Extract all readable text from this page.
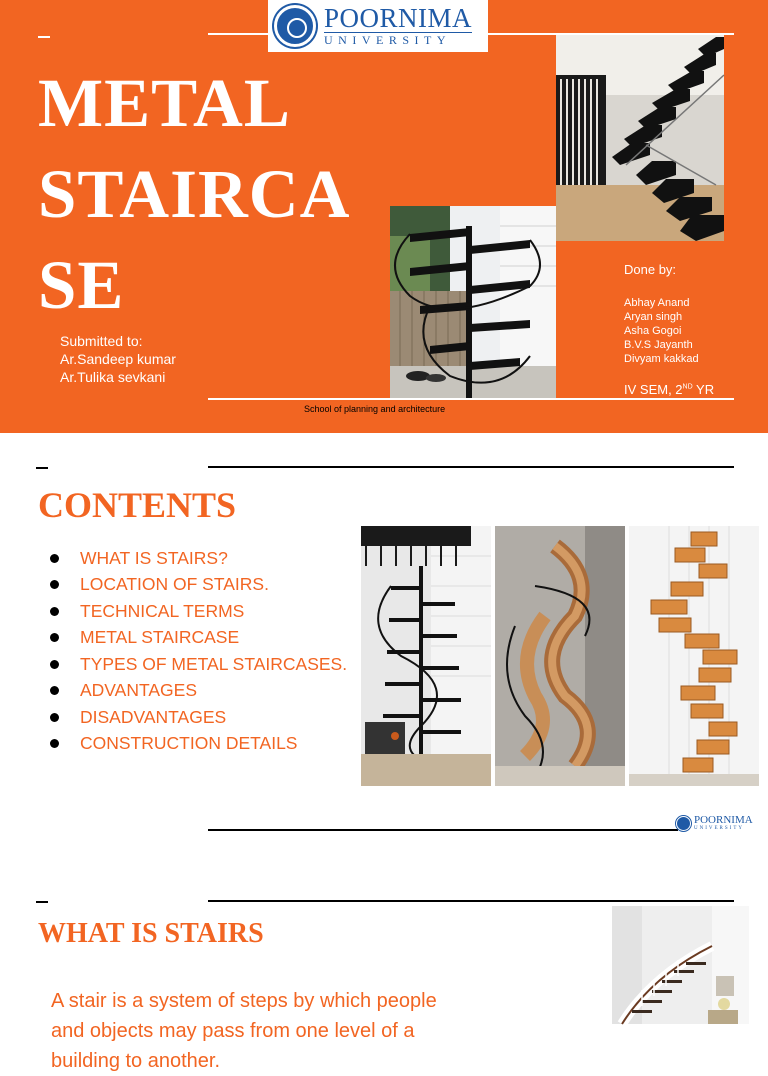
POORNIMA
UNIVERSITY
METAL
STAIRCA
SE
Submitted to:
Ar.Sandeep kumar
Ar.Tulika sevkani
Done by:
Abhay Anand
Aryan singh
Asha Gogoi
B.V.S Jayanth
Divyam kakkad
IV SEM, 2ND YR
School of planning and architecture
CONTENTS
WHAT IS STAIRS?
LOCATION OF STAIRS.
TECHNICAL TERMS
METAL STAIRCASE
TYPES OF METAL STAIRCASES.
ADVANTAGES
DISADVANTAGES
CONSTRUCTION DETAILS
POORNIMA
UNIVERSITY
WHAT IS STAIRS

A stair is a system of steps by which people and objects may pass from one level of a building to another.
